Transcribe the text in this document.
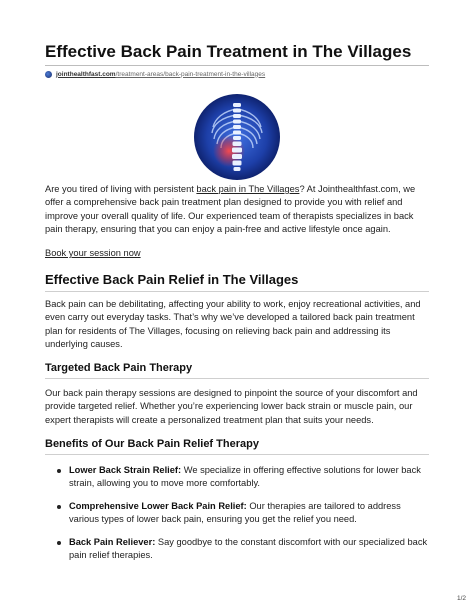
Effective Back Pain Treatment in The Villages
jointhealthfast.com /treatment-areas/back-pain-treatment-in-the-villages

Are you tired of living with persistent back pain in The Villages? At Jointhealthfast.com, we offer a comprehensive back pain treatment plan designed to provide you with relief and improve your overall quality of life. Our experienced team of therapists specializes in back pain therapy, ensuring that you can enjoy a pain-free and active lifestyle once again.

Book your session now
Effective Back Pain Relief in The Villages

Back pain can be debilitating, affecting your ability to work, enjoy recreational activities, and even carry out everyday tasks. That’s why we’ve developed a tailored back pain treatment plan for residents of The Villages, focusing on relieving back pain and addressing its underlying causes.

Targeted Back Pain Therapy

Our back pain therapy sessions are designed to pinpoint the source of your discomfort and provide targeted relief. Whether you’re experiencing lower back strain or muscle pain, our expert therapists will create a personalized treatment plan that suits your needs.

Benefits of Our Back Pain Relief Therapy
Lower Back Strain Relief: We specialize in offering effective solutions for lower back strain, allowing you to move more comfortably.
Comprehensive Lower Back Pain Relief: Our therapies are tailored to address various types of lower back pain, ensuring you get the relief you need.
Back Pain Reliever: Say goodbye to the constant discomfort with our specialized back pain relief therapies.
1/2
